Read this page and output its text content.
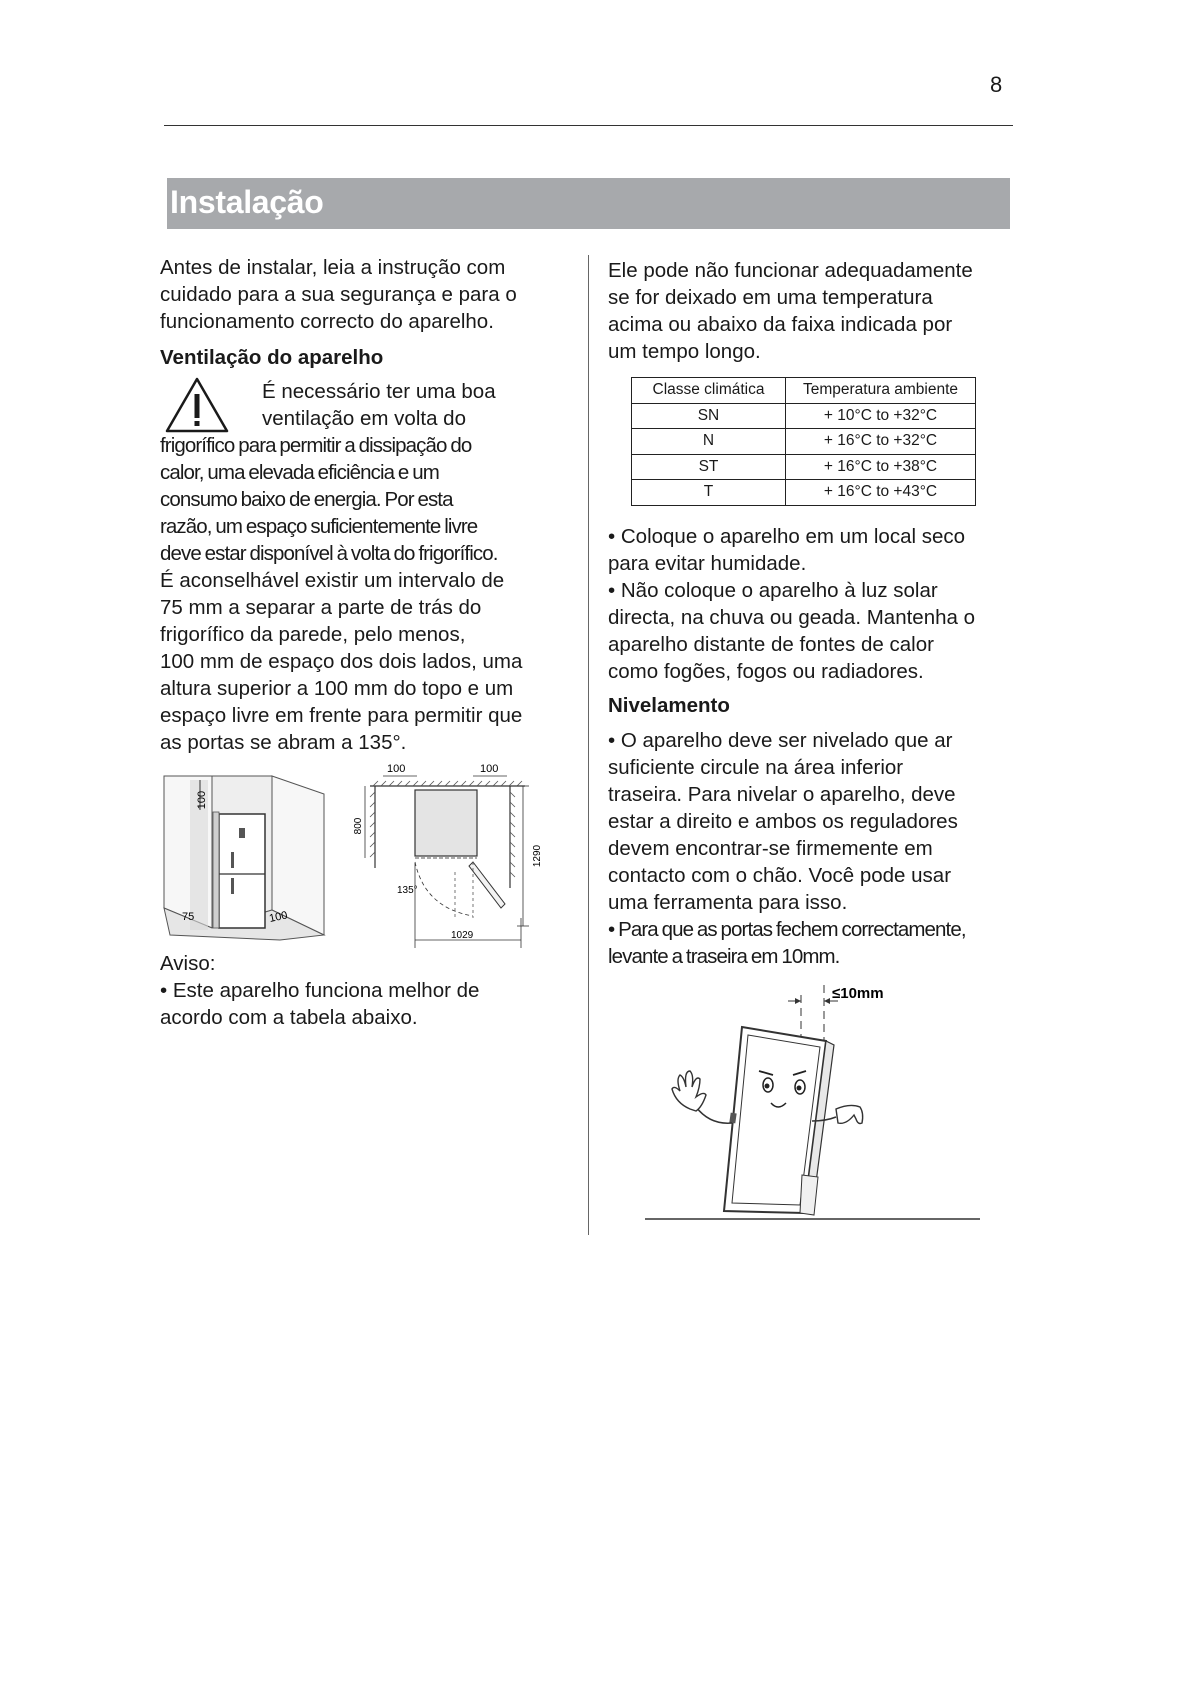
8
Instalação
Antes de instalar, leia a instrução com
cuidado para a sua segurança e para o
funcionamento correcto do aparelho.
Ventilação do aparelho
É necessário ter uma boa
ventilação em volta do
frigorífico para permitir a dissipação do
calor, uma elevada eficiência e um
consumo baixo de energia. Por esta
razão, um espaço suficientemente livre
deve estar disponível à volta do frigorífico.
É aconselhável existir um intervalo de
75 mm a separar a parte de trás do
frigorífico da parede, pelo menos,
100 mm de espaço dos dois lados, uma
altura superior a 100 mm do topo e um
espaço livre em frente para permitir que
as portas se abram a 135°.
100
75	100
100	100
135°
800
1290
1029
Aviso:
• Este aparelho funciona melhor de
acordo com a tabela abaixo.
Ele pode não funcionar adequadamente
se for deixado em uma temperatura
acima ou abaixo da faixa indicada por
um tempo longo.
Classe climática	Temperatura ambiente
SN	+ 10°C to +32°C
N	+ 16°C to +32°C
ST	+ 16°C to +38°C
T	+ 16°C to +43°C
• Coloque o aparelho em um local seco
para evitar humidade.
• Não coloque o aparelho à luz solar
directa, na chuva ou geada. Mantenha o
aparelho distante de fontes de calor
como fogões, fogos ou radiadores.
Nivelamento
• O aparelho deve ser nivelado que ar
suficiente circule na área inferior
traseira. Para nivelar o aparelho, deve
estar a direito e ambos os reguladores
devem encontrar-se firmemente em
contacto com o chão. Você pode usar
uma ferramenta para isso.
• Para que as portas fechem correctamente,
levante a traseira em 10mm.
≤10mm
